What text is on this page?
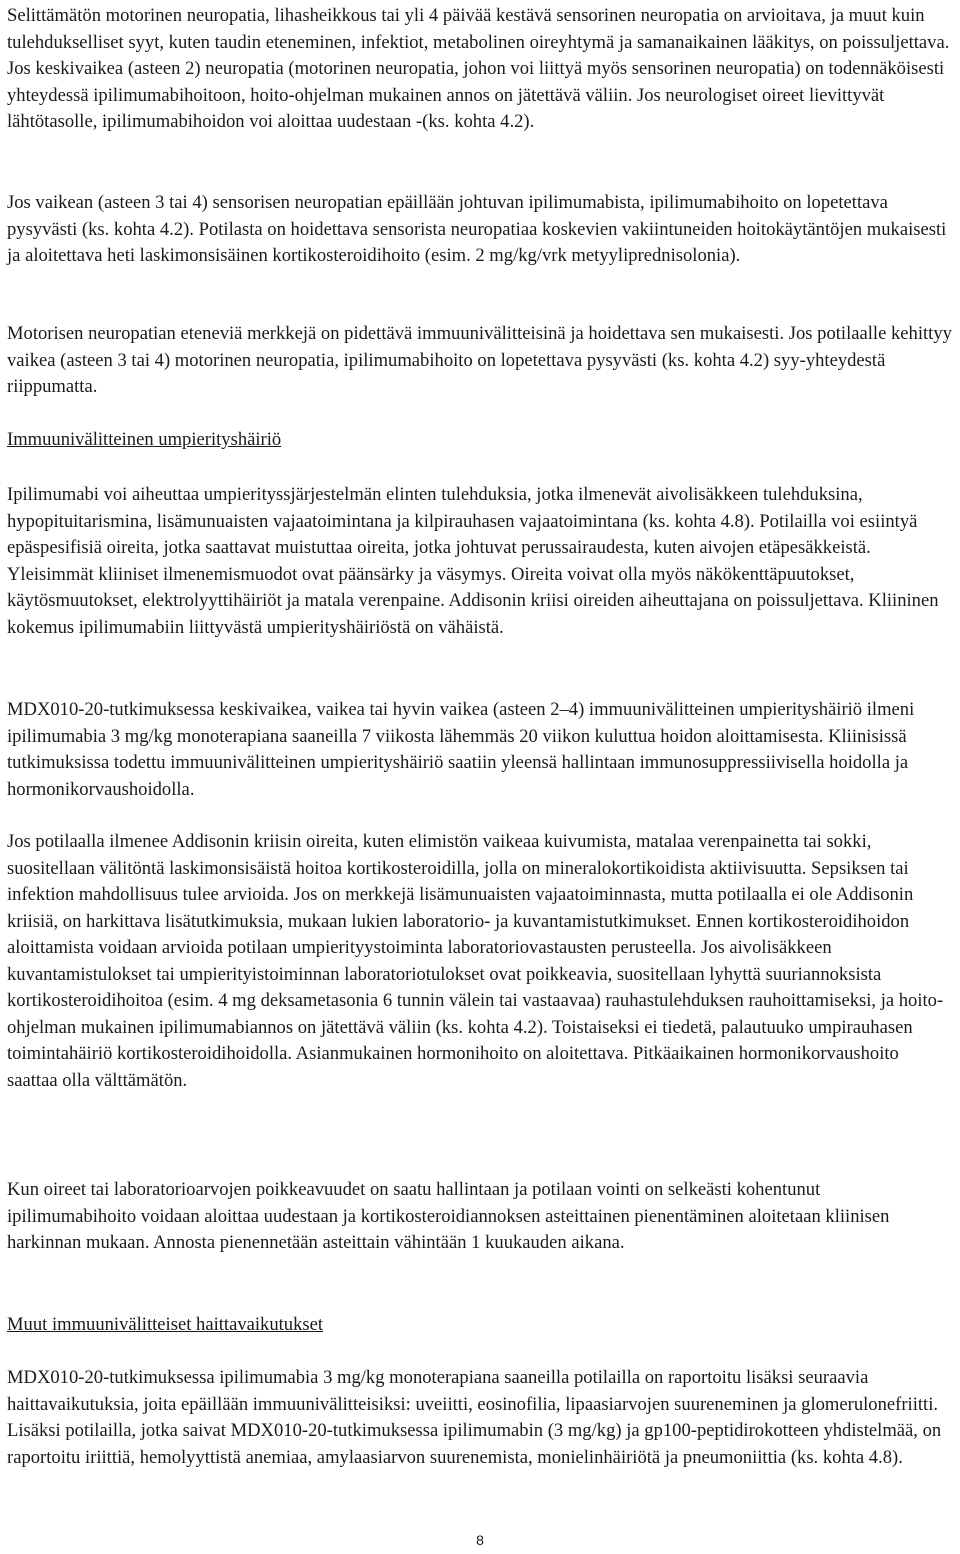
Selittämätön motorinen neuropatia, lihasheikkous tai yli 4 päivää kestävä sensorinen neuropatia on arvioitava, ja muut kuin tulehdukselliset syyt, kuten taudin eteneminen, infektiot, metabolinen oireyhtymä ja samanaikainen lääkitys, on poissuljettava. Jos keskivaikea (asteen 2) neuropatia (motorinen neuropatia, johon voi liittyä myös sensorinen neuropatia) on todennäköisesti yhteydessä ipilimumabihoitoon, hoito-ohjelman mukainen annos on jätettävä väliin. Jos neurologiset oireet lievittyvät lähtötasolle, ipilimumabihoidon voi aloittaa uudestaan -(ks. kohta 4.2).

Jos vaikean (asteen 3 tai 4) sensorisen neuropatian epäillään johtuvan ipilimumabista, ipilimumabihoito on lopetettava pysyvästi (ks. kohta 4.2). Potilasta on hoidettava sensorista neuropatiaa koskevien vakiintuneiden hoitokäytäntöjen mukaisesti ja aloitettava heti laskimonsisäinen kortikosteroidihoito (esim. 2 mg/kg/vrk metyyliprednisolonia).

Motorisen neuropatian eteneviä merkkejä on pidettävä immuunivälitteisinä ja hoidettava sen mukaisesti. Jos potilaalle kehittyy vaikea (asteen 3 tai 4) motorinen neuropatia, ipilimumabihoito on lopetettava pysyvästi (ks. kohta 4.2) syy-yhteydestä riippumatta.

Immuunivälitteinen umpierityshäiriö

Ipilimumabi voi aiheuttaa umpierityssjärjestelmän elinten tulehduksia, jotka ilmenevät aivolisäkkeen tulehduksina, hypopituitarismina, lisämunuaisten vajaatoimintana ja kilpirauhasen vajaatoimintana (ks. kohta 4.8). Potilailla voi esiintyä epäspesifisiä oireita, jotka saattavat muistuttaa oireita, jotka johtuvat perussairaudesta, kuten aivojen etäpesäkkeistä. Yleisimmät kliiniset ilmenemismuodot ovat päänsärky ja väsymys. Oireita voivat olla myös näkökenttäpuutokset, käytösmuutokset, elektrolyyttihäiriöt ja matala verenpaine. Addisonin kriisi oireiden aiheuttajana on poissuljettava. Kliininen kokemus ipilimumabiin liittyvästä umpierityshäiriöstä on vähäistä.

MDX010-20-tutkimuksessa keskivaikea, vaikea tai hyvin vaikea (asteen 2–4) immuunivälitteinen umpierityshäiriö ilmeni ipilimumabia 3 mg/kg monoterapiana saaneilla 7 viikosta lähemmäs 20 viikon kuluttua hoidon aloittamisesta. Kliinisissä tutkimuksissa todettu immuunivälitteinen umpierityshäiriö saatiin yleensä hallintaan immunosuppressiivisella hoidolla ja hormonikorvaushoidolla.

Jos potilaalla ilmenee Addisonin kriisin oireita, kuten elimistön vaikeaa kuivumista, matalaa verenpainetta tai sokki, suositellaan välitöntä laskimonsisäistä hoitoa kortikosteroidilla, jolla on mineralokortikoidista aktiivisuutta. Sepsiksen tai infektion mahdollisuus tulee arvioida. Jos on merkkejä lisämunuaisten vajaatoiminnasta, mutta potilaalla ei ole Addisonin kriisiä, on harkittava lisätutkimuksia, mukaan lukien laboratorio- ja kuvantamistutkimukset. Ennen kortikosteroidihoidon aloittamista voidaan arvioida potilaan umpierityystoiminta laboratoriovastausten perusteella. Jos aivolisäkkeen kuvantamistulokset tai umpierityistoiminnan laboratoriotulokset ovat poikkeavia, suositellaan lyhyttä suuriannoksista kortikosteroidihoitoa (esim. 4 mg deksametasonia 6 tunnin välein tai vastaavaa) rauhastulehduksen rauhoittamiseksi, ja hoito-ohjelman mukainen ipilimumabiannos on jätettävä väliin (ks. kohta 4.2). Toistaiseksi ei tiedetä, palautuuko umpirauhasen toimintahäiriö kortikosteroidihoidolla. Asianmukainen hormonihoito on aloitettava. Pitkäaikainen hormonikorvaushoito saattaa olla välttämätön.

Kun oireet tai laboratorioarvojen poikkeavuudet on saatu hallintaan ja potilaan vointi on selkeästi kohentunut ipilimumabihoito voidaan aloittaa uudestaan ja kortikosteroidiannoksen asteittainen pienentäminen aloitetaan kliinisen harkinnan mukaan. Annosta pienennetään asteittain vähintään 1 kuukauden aikana.

Muut immuunivälitteiset haittavaikutukset

MDX010-20-tutkimuksessa ipilimumabia 3 mg/kg monoterapiana saaneilla potilailla on raportoitu lisäksi seuraavia haittavaikutuksia, joita epäillään immuunivälitteisiksi: uveiitti, eosinofilia, lipaasiarvojen suureneminen ja glomerulonefriitti. Lisäksi potilailla, jotka saivat MDX010-20-tutkimuksessa ipilimumabin (3 mg/kg) ja gp100-peptidirokotteen yhdistelmää, on raportoitu iriittiä, hemolyyttistä anemiaa, amylaasiarvon suurenemista, monielinhäiriötä ja pneumoniittia (ks. kohta 4.8).

8
